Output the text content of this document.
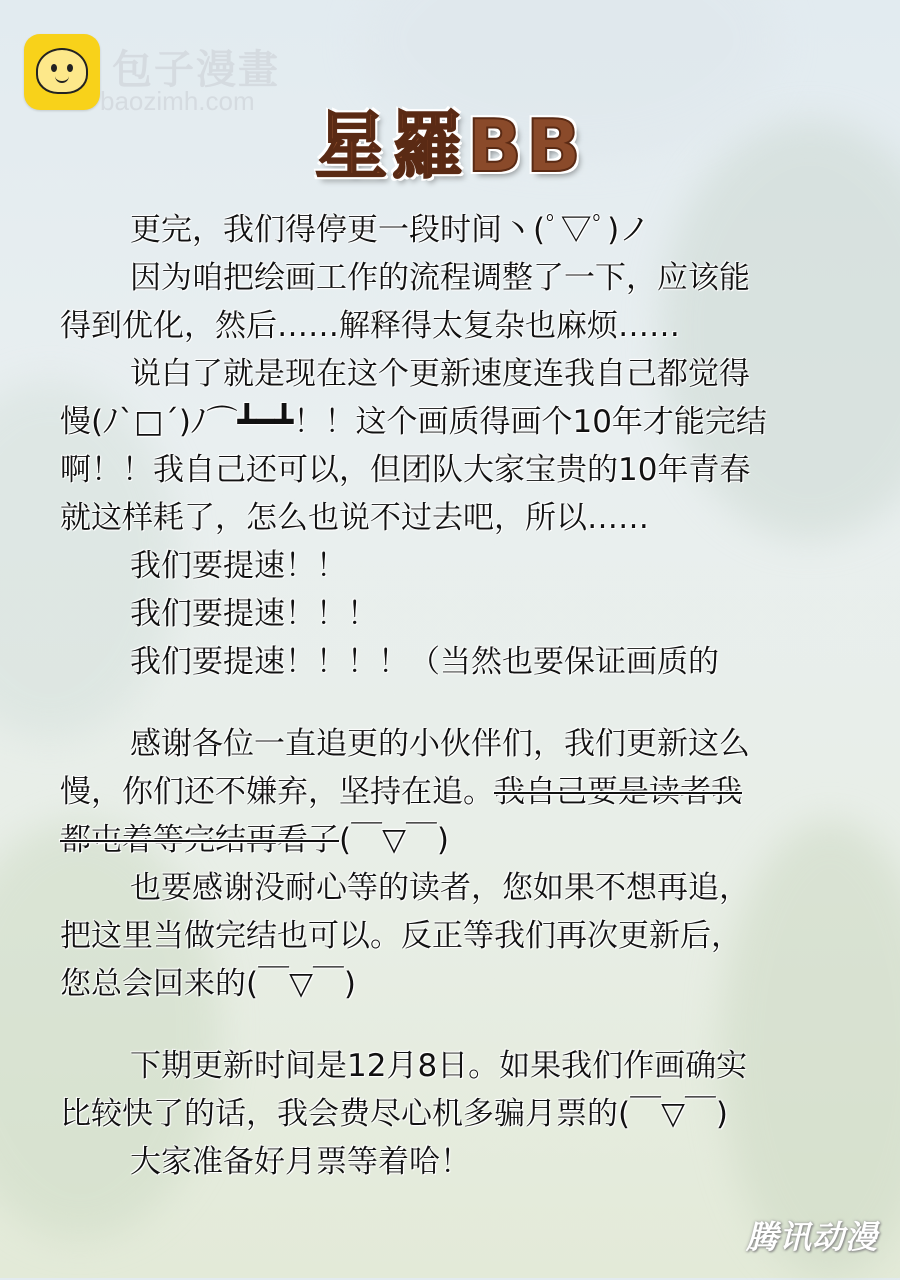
包子漫畫
baozimh.com
星羅BB
更完，我们得停更一段时间丶(ﾟ▽ﾟ)ノ
因为咱把绘画工作的流程调整了一下，应该能
得到优化，然后……解释得太复杂也麻烦……
说白了就是现在这个更新速度连我自己都觉得
慢(ﾉ`□´)ﾉ⌒┻━┻！！这个画质得画个10年才能完结
啊！！我自己还可以，但团队大家宝贵的10年青春
就这样耗了，怎么也说不过去吧，所以……
我们要提速！！
我们要提速！！！
我们要提速！！！！（当然也要保证画质的
感谢各位一直追更的小伙伴们，我们更新这么
慢，你们还不嫌弃，坚持在追。我自己要是读者我
都屯着等完结再看了(￣▽￣)
也要感谢没耐心等的读者，您如果不想再追，
把这里当做完结也可以。反正等我们再次更新后，
您总会回来的(￣▽￣)
下期更新时间是12月8日。如果我们作画确实
比较快了的话，我会费尽心机多骗月票的(￣▽￣)
大家准备好月票等着哈！
腾讯动漫
